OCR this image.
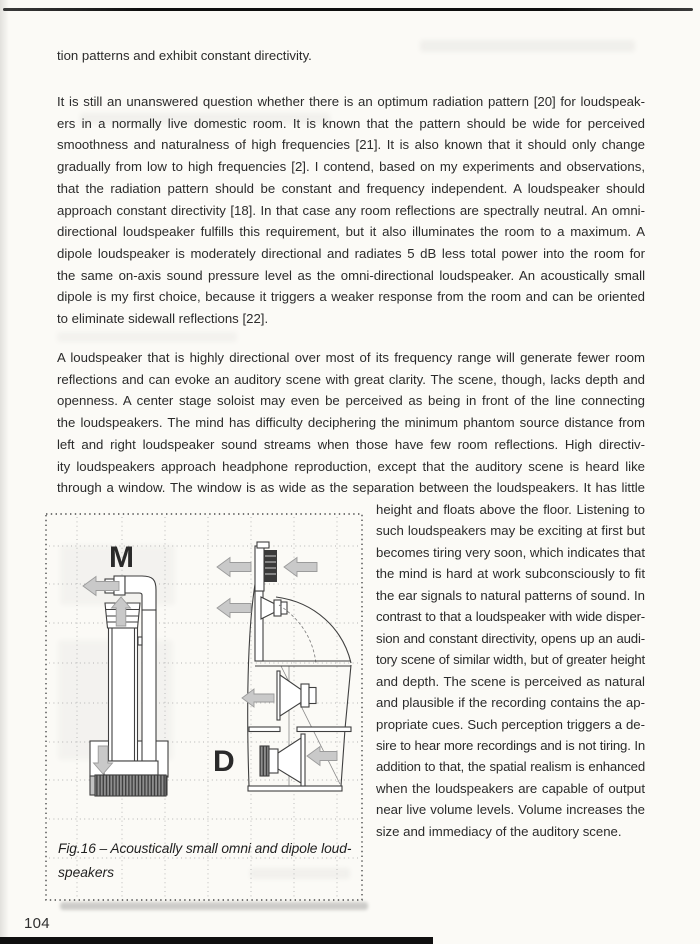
tion patterns and exhibit constant directivity.
It is still an unanswered question whether there is an optimum radiation pattern [20] for loudspeak-
ers in a normally live domestic room. It is known that the pattern should be wide for perceived
smoothness and naturalness of high frequencies [21]. It is also known that it should only change
gradually from low to high frequencies [2]. I contend, based on my experiments and observations,
that the radiation pattern should be constant and frequency independent. A loudspeaker should
approach constant directivity [18]. In that case any room reflections are spectrally neutral. An omni-
directional loudspeaker fulfills this requirement, but it also illuminates the room to a maximum. A
dipole loudspeaker is moderately directional and radiates 5 dB less total power into the room for
the same on-axis sound pressure level as the omni-directional loudspeaker. An acoustically small
dipole is my first choice, because it triggers a weaker response from the room and can be oriented
to eliminate sidewall reflections [22].
A loudspeaker that is highly directional over most of its frequency range will generate fewer room
reflections and can evoke an auditory scene with great clarity. The scene, though, lacks depth and
openness. A center stage soloist may even be perceived as being in front of the line connecting
the loudspeakers. The mind has difficulty deciphering the minimum phantom source distance from
left and right loudspeaker sound streams when those have few room reflections. High directiv-
ity loudspeakers approach headphone reproduction, except that the auditory scene is heard like
through a window. The window is as wide as the separation between the loudspeakers. It has little
height and floats above the floor. Listening to
such loudspeakers may be exciting at first but
becomes tiring very soon, which indicates that
the mind is hard at work subconsciously to fit
the ear signals to natural patterns of sound. In
contrast to that a loudspeaker with wide disper-
sion and constant directivity, opens up an audi-
tory scene of similar width, but of greater height
and depth. The scene is perceived as natural
and plausible if the recording contains the ap-
propriate cues. Such perception triggers a de-
sire to hear more recordings and is not tiring. In
addition to that, the spatial realism is enhanced
when the loudspeakers are capable of output
near live volume levels. Volume increases the
size and immediacy of the auditory scene.
M
D
Fig.16 – Acoustically small omni and dipole loud-
speakers
104
